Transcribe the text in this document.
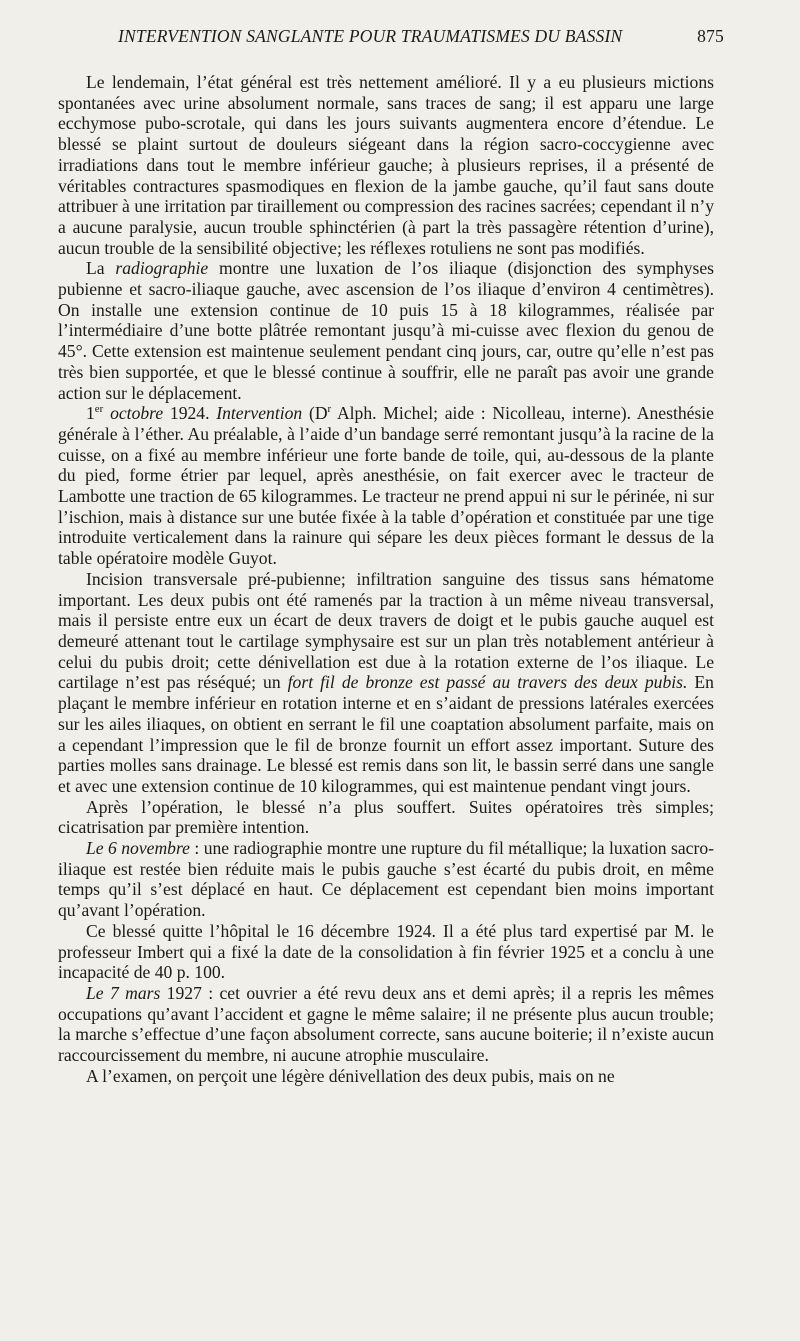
INTERVENTION SANGLANTE POUR TRAUMATISMES DU BASSIN	875

Le lendemain, l’état général est très nettement amélioré. Il y a eu plusieurs mictions spontanées avec urine absolument normale, sans traces de sang; il est apparu une large ecchymose pubo-scrotale, qui dans les jours suivants augmentera encore d’étendue. Le blessé se plaint surtout de douleurs siégeant dans la région sacro-coccygienne avec irradiations dans tout le membre inférieur gauche; à plusieurs reprises, il a présenté de véritables contractures spasmodiques en flexion de la jambe gauche, qu’il faut sans doute attribuer à une irritation par tiraillement ou compression des racines sacrées; cependant il n’y a aucune paralysie, aucun trouble sphinctérien (à part la très passagère rétention d’urine), aucun trouble de la sensibilité objective; les réflexes rotuliens ne sont pas modifiés.

La radiographie montre une luxation de l’os iliaque (disjonction des symphyses pubienne et sacro-iliaque gauche, avec ascension de l’os iliaque d’environ 4 centimètres). On installe une extension continue de 10 puis 15 à 18 kilogrammes, réalisée par l’intermédiaire d’une botte plâtrée remontant jusqu’à mi-cuisse avec flexion du genou de 45°. Cette extension est maintenue seulement pendant cinq jours, car, outre qu’elle n’est pas très bien supportée, et que le blessé continue à souffrir, elle ne paraît pas avoir une grande action sur le déplacement.

1er octobre 1924. Intervention ($D^r$ Alph. Michel; aide : Nicolleau, interne). Anesthésie générale à l’éther. Au préalable, à l’aide d’un bandage serré remontant jusqu’à la racine de la cuisse, on a fixé au membre inférieur une forte bande de toile, qui, au-dessous de la plante du pied, forme étrier par lequel, après anesthésie, on fait exercer avec le tracteur de Lambotte une traction de 65 kilogrammes. Le tracteur ne prend appui ni sur le périnée, ni sur l’ischion, mais à distance sur une butée fixée à la table d’opération et constituée par une tige introduite verticalement dans la rainure qui sépare les deux pièces formant le dessus de la table opératoire modèle Guyot.

Incision transversale pré-pubienne; infiltration sanguine des tissus sans hématome important. Les deux pubis ont été ramenés par la traction à un même niveau transversal, mais il persiste entre eux un écart de deux travers de doigt et le pubis gauche auquel est demeuré attenant tout le cartilage symphysaire est sur un plan très notablement antérieur à celui du pubis droit; cette dénivellation est due à la rotation externe de l’os iliaque. Le cartilage n’est pas réséqué; un fort fil de bronze est passé au travers des deux pubis. En plaçant le membre inférieur en rotation interne et en s’aidant de pressions latérales exercées sur les ailes iliaques, on obtient en serrant le fil une coaptation absolument parfaite, mais on a cependant l’impression que le fil de bronze fournit un effort assez important. Suture des parties molles sans drainage. Le blessé est remis dans son lit, le bassin serré dans une sangle et avec une extension continue de 10 kilogrammes, qui est maintenue pendant vingt jours.

Après l’opération, le blessé n’a plus souffert. Suites opératoires très simples; cicatrisation par première intention.

Le 6 novembre : une radiographie montre une rupture du fil métallique; la luxation sacro-iliaque est restée bien réduite mais le pubis gauche s’est écarté du pubis droit, en même temps qu’il s’est déplacé en haut. Ce déplacement est cependant bien moins important qu’avant l’opération.

Ce blessé quitte l’hôpital le 16 décembre 1924. Il a été plus tard expertisé par M. le professeur Imbert qui a fixé la date de la consolidation à fin février 1925 et a conclu à une incapacité de 40 p. 100.

Le 7 mars 1927 : cet ouvrier a été revu deux ans et demi après; il a repris les mêmes occupations qu’avant l’accident et gagne le même salaire; il ne présente plus aucun trouble; la marche s’effectue d’une façon absolument correcte, sans aucune boiterie; il n’existe aucun raccourcissement du membre, ni aucune atrophie musculaire.

A l’examen, on perçoit une légère dénivellation des deux pubis, mais on ne
